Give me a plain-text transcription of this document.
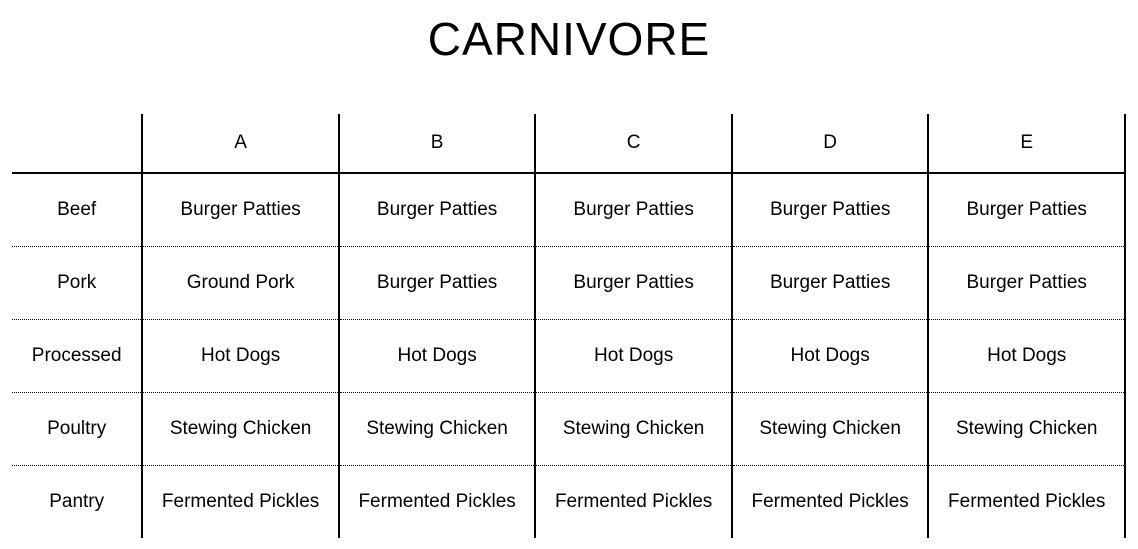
CARNIVORE
	A	B	C	D	E
Beef	Burger Patties	Burger Patties	Burger Patties	Burger Patties	Burger Patties

Pork	Ground Pork	Burger Patties	Burger Patties	Burger Patties	Burger Patties

Processed	Hot Dogs	Hot Dogs	Hot Dogs	Hot Dogs	Hot Dogs

Poultry	Stewing Chicken	Stewing Chicken	Stewing Chicken	Stewing Chicken	Stewing Chicken

Pantry	Fermented Pickles	Fermented Pickles	Fermented Pickles	Fermented Pickles	Fermented Pickles
